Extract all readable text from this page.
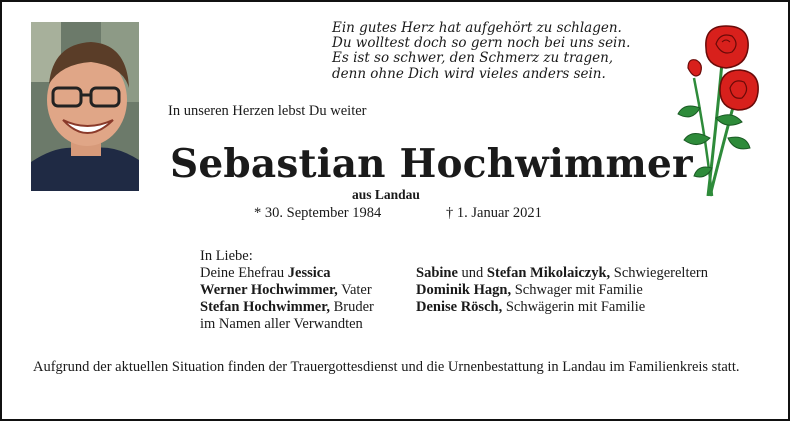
Ein gutes Herz hat aufgehört zu schlagen.
Du wolltest doch so gern noch bei uns sein.
Es ist so schwer, den Schmerz zu tragen,
denn ohne Dich wird vieles anders sein.
In unseren Herzen lebst Du weiter
Sebastian Hochwimmer
aus Landau
* 30. September 1984	† 1. Januar 2021
In Liebe:
Deine Ehefrau Jessica
Werner Hochwimmer, Vater
Stefan Hochwimmer, Bruder
im Namen aller Verwandten
Sabine und Stefan Mikolaiczyk, Schwiegereltern
Dominik Hagn, Schwager mit Familie
Denise Rösch, Schwägerin mit Familie
Aufgrund der aktuellen Situation finden der Trauergottesdienst und die Urnenbestattung in Landau im Familienkreis statt.
